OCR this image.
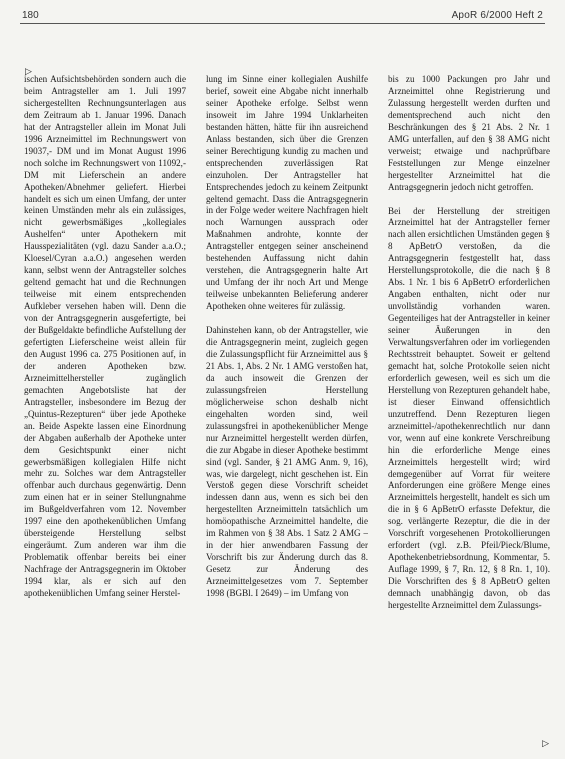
180	ApoR 6/2000 Heft 2
▷

ischen Aufsichtsbehörden sondern auch die beim Antragsteller am 1. Juli 1997 sichergestellten Rechnungsunterlagen aus dem Zeitraum ab 1. Januar 1996. Danach hat der Antragsteller allein im Monat Juli 1996 Arzneimittel im Rechnungswert von 19037,- DM und im Monat August 1996 noch solche im Rechnungswert von 11092,- DM mit Lieferschein an andere Apotheken/Abnehmer geliefert. Hierbei handelt es sich um einen Umfang, der unter keinen Umständen mehr als ein zulässiges, nicht gewerbsmäßiges „kollegiales Aushelfen“ unter Apothekern mit Hausspezialitäten (vgl. dazu Sander a.a.O.; Kloesel/Cyran a.a.O.) angesehen werden kann, selbst wenn der Antragsteller solches geltend gemacht hat und die Rechnungen teilweise mit einem entsprechenden Aufkleber versehen haben will. Denn die von der Antragsgegnerin ausgefertigte, bei der Bußgeldakte befindliche Aufstellung der gefertigten Lieferscheine weist allein für den August 1996 ca. 275 Positionen auf, in der anderen Apotheken bzw. Arzneimittelhersteller zugänglich gemachten Angebotsliste hat der Antragsteller, insbesondere im Bezug der „Quintus-Rezepturen“ über jede Apotheke an. Beide Aspekte lassen eine Einordnung der Abgaben außerhalb der Apotheke unter dem Gesichtspunkt einer nicht gewerbsmäßigen kollegialen Hilfe nicht mehr zu. Solches war dem Antragsteller offenbar auch durchaus gegenwärtig. Denn zum einen hat er in seiner Stellungnahme im Bußgeldverfahren vom 12. November 1997 eine den apothekenüblichen Umfang übersteigende Herstellung selbst eingeräumt. Zum anderen war ihm die Problematik offenbar bereits bei einer Nachfrage der Antragsgegnerin im Oktober 1994 klar, als er sich auf den apothekenüblichen Umfang seiner Herstel-

lung im Sinne einer kollegialen Aushilfe berief, soweit eine Abgabe nicht innerhalb seiner Apotheke erfolge. Selbst wenn insoweit im Jahre 1994 Unklarheiten bestanden hätten, hätte für ihn ausreichend Anlass bestanden, sich über die Grenzen seiner Berechtigung kundig zu machen und entsprechenden zuverlässigen Rat einzuholen. Der Antragsteller hat Entsprechendes jedoch zu keinem Zeitpunkt geltend gemacht. Dass die Antragsgegnerin in der Folge weder weitere Nachfragen hielt noch Warnungen aussprach oder Maßnahmen androhte, konnte der Antragsteller entgegen seiner anscheinend bestehenden Auffassung nicht dahin verstehen, die Antragsgegnerin halte Art und Umfang der ihr noch Art und Menge teilweise unbekannten Belieferung anderer Apotheken ohne weiteres für zulässig.

Dahinstehen kann, ob der Antragsteller, wie die Antragsgegnerin meint, zugleich gegen die Zulassungspflicht für Arzneimittel aus § 21 Abs. 1, Abs. 2 Nr. 1 AMG verstoßen hat, da auch insoweit die Grenzen der zulassungsfreien Herstellung möglicherweise schon deshalb nicht eingehalten worden sind, weil zulassungsfrei in apothekenüblicher Menge nur Arzneimittel hergestellt werden dürfen, die zur Abgabe in dieser Apotheke bestimmt sind (vgl. Sander, § 21 AMG Anm. 9, 16), was, wie dargelegt, nicht geschehen ist. Ein Verstoß gegen diese Vorschrift scheidet indessen dann aus, wenn es sich bei den hergestellten Arzneimitteln tatsächlich um homöopathische Arzneimittel handelte, die im Rahmen von § 38 Abs. 1 Satz 2 AMG – in der hier anwendbaren Fassung der Vorschrift bis zur Änderung durch das 8. Gesetz zur Änderung des Arzneimittelgesetzes vom 7. September 1998 (BGBl. I 2649) – im Umfang von

bis zu 1000 Packungen pro Jahr und Arzneimittel ohne Registrierung und Zulassung hergestellt werden durften und dementsprechend auch nicht den Beschränkungen des § 21 Abs. 2 Nr. 1 AMG unterfallen, auf den § 38 AMG nicht verweist; etwaige und nachprüfbare Feststellungen zur Menge einzelner hergestellter Arzneimittel hat die Antragsgegnerin jedoch nicht getroffen.

Bei der Herstellung der streitigen Arzneimittel hat der Antragsteller ferner nach allen ersichtlichen Umständen gegen § 8 ApBetrO verstoßen, da die Antragsgegnerin festgestellt hat, dass Herstellungsprotokolle, die die nach § 8 Abs. 1 Nr. 1 bis 6 ApBetrO erforderlichen Angaben enthalten, nicht oder nur unvollständig vorhanden waren. Gegenteiliges hat der Antragsteller in keiner seiner Äußerungen in den Verwaltungsverfahren oder im vorliegenden Rechtsstreit behauptet. Soweit er geltend gemacht hat, solche Protokolle seien nicht erforderlich gewesen, weil es sich um die Herstellung von Rezepturen gehandelt habe, ist dieser Einwand offensichtlich unzutreffend. Denn Rezepturen liegen arzneimittel-/apothekenrechtlich nur dann vor, wenn auf eine konkrete Verschreibung hin die erforderliche Menge eines Arzneimittels hergestellt wird; wird demgegenüber auf Vorrat für weitere Anforderungen eine größere Menge eines Arzneimittels hergestellt, handelt es sich um die in § 6 ApBetrO erfasste Defektur, die sog. verlängerte Rezeptur, die die in der Vorschrift vorgesehenen Protokollierungen erfordert (vgl. z.B. Pfeil/Pieck/Blume, Apothekenbetriebsordnung, Kommentar, 5. Auflage 1999, § 7, Rn. 12, § 8 Rn. 1, 10). Die Vorschriften des § 8 ApBetrO gelten demnach unabhängig davon, ob das hergestellte Arzneimittel dem Zulassungs-

▷
